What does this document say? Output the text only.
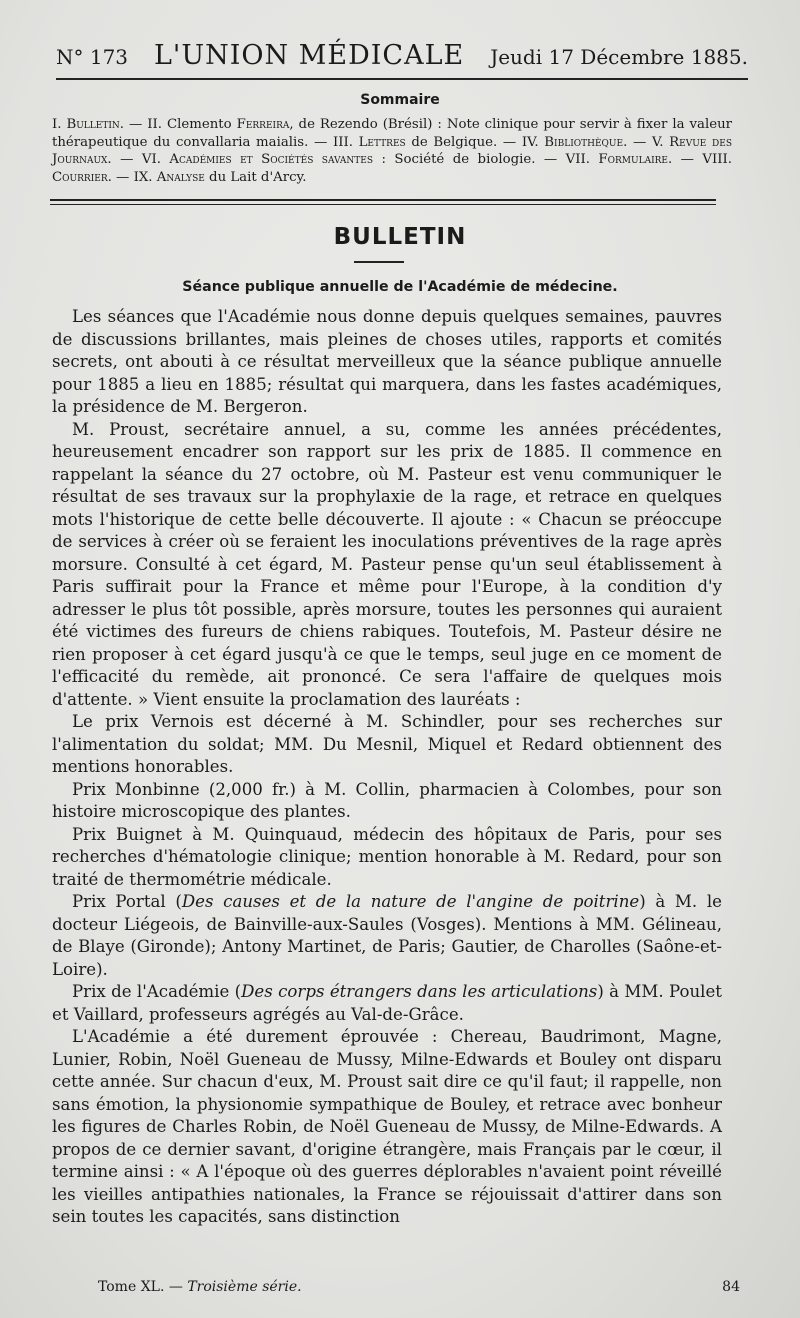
N° 173 L'UNION MÉDICALE Jeudi 17 Décembre 1885.
Sommaire
I. Bulletin. — II. Clemento Ferreira, de Rezendo (Brésil) : Note clinique pour servir à fixer la valeur thérapeutique du convallaria maialis. — III. Lettres de Belgique. — IV. Bibliothèque. — V. Revue des Journaux. — VI. Académies et Sociétés savantes : Société de biologie. — VII. Formulaire. — VIII. Courrier. — IX. Analyse du Lait d'Arcy.
BULLETIN
Séance publique annuelle de l'Académie de médecine.

Les séances que l'Académie nous donne depuis quelques semaines, pauvres de discussions brillantes, mais pleines de choses utiles, rapports et comités secrets, ont abouti à ce résultat merveilleux que la séance publique annuelle pour 1885 a lieu en 1885; résultat qui marquera, dans les fastes académiques, la présidence de M. Bergeron.

M. Proust, secrétaire annuel, a su, comme les années précédentes, heureusement encadrer son rapport sur les prix de 1885. Il commence en rappelant la séance du 27 octobre, où M. Pasteur est venu communiquer le résultat de ses travaux sur la prophylaxie de la rage, et retrace en quelques mots l'historique de cette belle découverte. Il ajoute : « Chacun se préoccupe de services à créer où se feraient les inoculations préventives de la rage après morsure. Consulté à cet égard, M. Pasteur pense qu'un seul établissement à Paris suffirait pour la France et même pour l'Europe, à la condition d'y adresser le plus tôt possible, après morsure, toutes les personnes qui auraient été victimes des fureurs de chiens rabiques. Toutefois, M. Pasteur désire ne rien proposer à cet égard jusqu'à ce que le temps, seul juge en ce moment de l'efficacité du remède, ait prononcé. Ce sera l'affaire de quelques mois d'attente. » Vient ensuite la proclamation des lauréats :

Le prix Vernois est décerné à M. Schindler, pour ses recherches sur l'alimentation du soldat; MM. Du Mesnil, Miquel et Redard obtiennent des mentions honorables.

Prix Monbinne (2,000 fr.) à M. Collin, pharmacien à Colombes, pour son histoire microscopique des plantes.

Prix Buignet à M. Quinquaud, médecin des hôpitaux de Paris, pour ses recherches d'hématologie clinique; mention honorable à M. Redard, pour son traité de thermométrie médicale.

Prix Portal (Des causes et de la nature de l'angine de poitrine) à M. le docteur Liégeois, de Bainville-aux-Saules (Vosges). Mentions à MM. Gélineau, de Blaye (Gironde); Antony Martinet, de Paris; Gautier, de Charolles (Saône-et-Loire).

Prix de l'Académie (Des corps étrangers dans les articulations) à MM. Poulet et Vaillard, professeurs agrégés au Val-de-Grâce.

L'Académie a été durement éprouvée : Chereau, Baudrimont, Magne, Lunier, Robin, Noël Gueneau de Mussy, Milne-Edwards et Bouley ont disparu cette année. Sur chacun d'eux, M. Proust sait dire ce qu'il faut; il rappelle, non sans émotion, la physionomie sympathique de Bouley, et retrace avec bonheur les figures de Charles Robin, de Noël Gueneau de Mussy, de Milne-Edwards. A propos de ce dernier savant, d'origine étrangère, mais Français par le cœur, il termine ainsi : « A l'époque où des guerres déplorables n'avaient point réveillé les vieilles antipathies nationales, la France se réjouissait d'attirer dans son sein toutes les capacités, sans distinction

Tome XL. — Troisième série.	84
